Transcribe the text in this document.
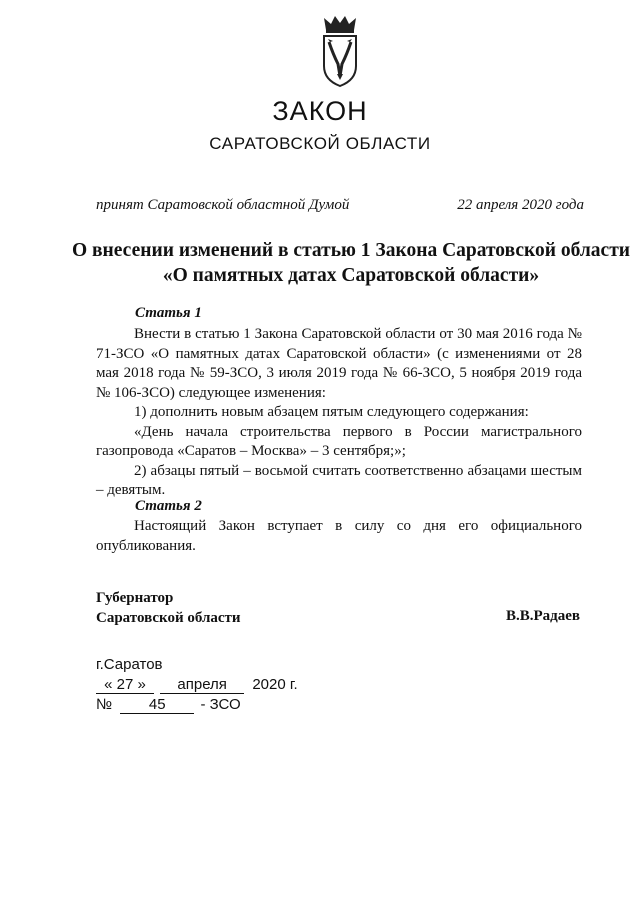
ЗАКОН
САРАТОВСКОЙ ОБЛАСТИ
принят Саратовской областной Думой	22 апреля 2020 года
О внесении изменений в статью 1 Закона Саратовской области «О памятных датах Саратовской области»
Статья 1

Внести в статью 1 Закона Саратовской области от 30 мая 2016 года № 71-ЗСО «О памятных датах Саратовской области» (с изменениями от 28 мая 2018 года № 59-ЗСО, 3 июля 2019 года № 66-ЗСО, 5 ноября 2019 года № 106-ЗСО) следующее изменения:

1) дополнить новым абзацем пятым следующего содержания:

«День начала строительства первого в России магистрального газопровода «Саратов – Москва» – 3 сентября;»;

2) абзацы пятый – восьмой считать соответственно абзацами шестым – девятым.

Статья 2

Настоящий Закон вступает в силу со дня его официального опубликования.

Губернатор
Саратовской области	В.В.Радаев
г.Саратов
« 27 » апреля 2020 г.
№ 45 - ЗСО
